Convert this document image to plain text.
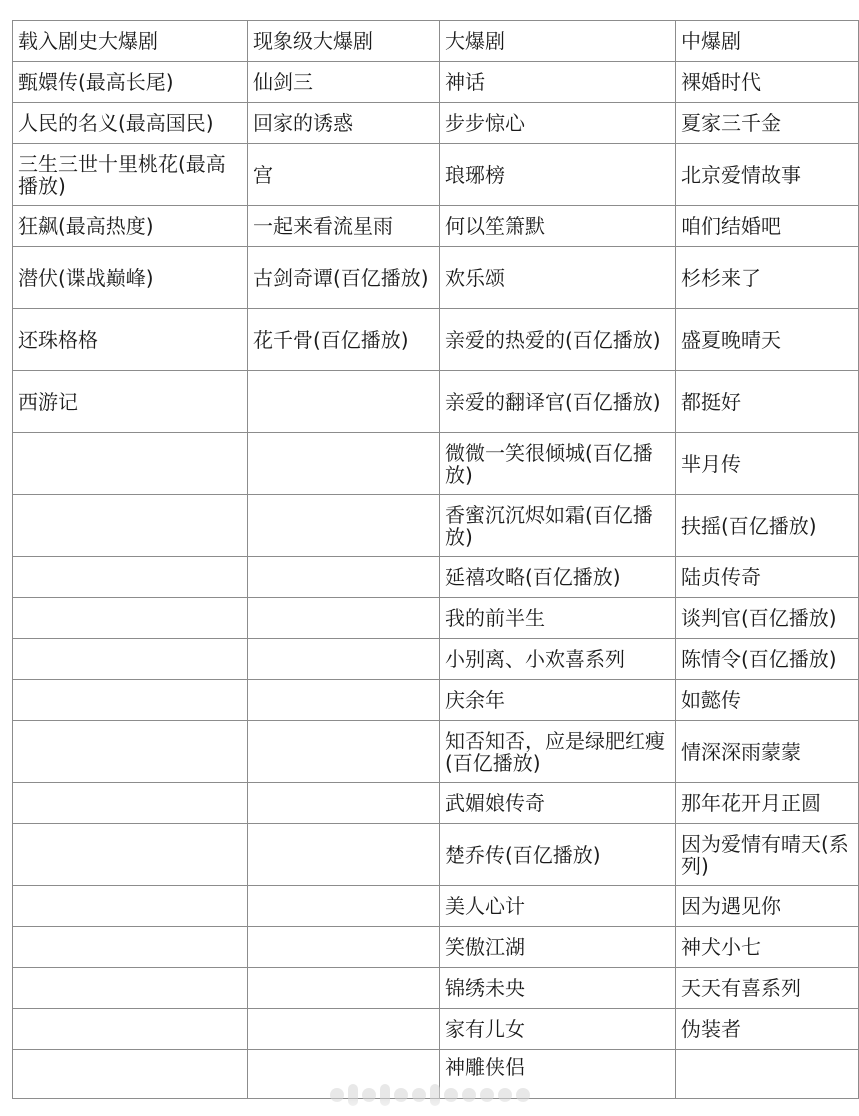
载入剧史大爆剧	现象级大爆剧	大爆剧	中爆剧
甄嬛传(最高长尾)	仙剑三	神话	裸婚时代
人民的名义(最高国民)	回家的诱惑	步步惊心	夏家三千金
三生三世十里桃花(最高播放)	宫	琅琊榜	北京爱情故事
狂飙(最高热度)	一起来看流星雨	何以笙箫默	咱们结婚吧
潜伏(谍战巅峰)	古剑奇谭(百亿播放)	欢乐颂	杉杉来了
还珠格格	花千骨(百亿播放)	亲爱的热爱的(百亿播放)	盛夏晚晴天
西游记		亲爱的翻译官(百亿播放)	都挺好
		微微一笑很倾城(百亿播放)	芈月传
		香蜜沉沉烬如霜(百亿播放)	扶摇(百亿播放)
		延禧攻略(百亿播放)	陆贞传奇
		我的前半生	谈判官(百亿播放)
		小别离、小欢喜系列	陈情令(百亿播放)
		庆余年	如懿传
		知否知否，应是绿肥红瘦(百亿播放)	情深深雨蒙蒙
		武媚娘传奇	那年花开月正圆
		楚乔传(百亿播放)	因为爱情有晴天(系列)
		美人心计	因为遇见你
		笑傲江湖	神犬小七
		锦绣未央	天天有喜系列
		家有儿女	伪装者
		神雕侠侣	
